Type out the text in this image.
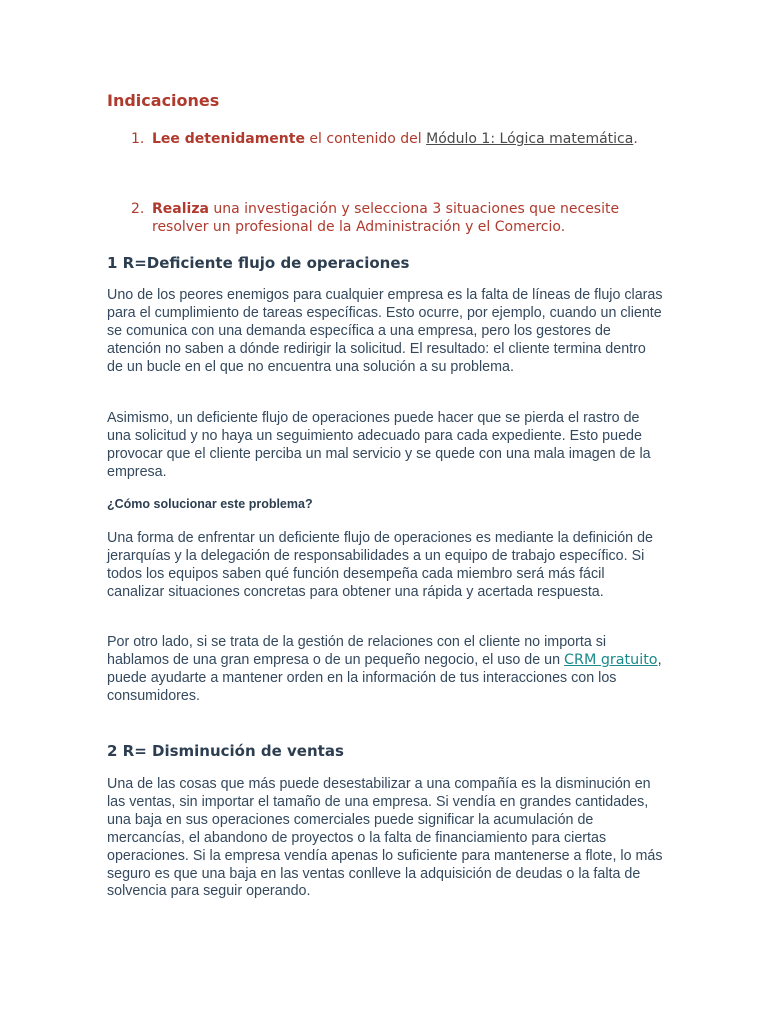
Indicaciones
1. Lee detenidamente el contenido del Módulo 1: Lógica matemática.
2. Realiza una investigación y selecciona 3 situaciones que necesite resolver un profesional de la Administración y el Comercio.
1 R=Deficiente flujo de operaciones

Uno de los peores enemigos para cualquier empresa es la falta de líneas de flujo claras para el cumplimiento de tareas específicas. Esto ocurre, por ejemplo, cuando un cliente se comunica con una demanda específica a una empresa, pero los gestores de atención no saben a dónde redirigir la solicitud. El resultado: el cliente termina dentro de un bucle en el que no encuentra una solución a su problema.

Asimismo, un deficiente flujo de operaciones puede hacer que se pierda el rastro de una solicitud y no haya un seguimiento adecuado para cada expediente. Esto puede provocar que el cliente perciba un mal servicio y se quede con una mala imagen de la empresa.

¿Cómo solucionar este problema?

Una forma de enfrentar un deficiente flujo de operaciones es mediante la definición de jerarquías y la delegación de responsabilidades a un equipo de trabajo específico. Si todos los equipos saben qué función desempeña cada miembro será más fácil canalizar situaciones concretas para obtener una rápida y acertada respuesta.

Por otro lado, si se trata de la gestión de relaciones con el cliente no importa si hablamos de una gran empresa o de un pequeño negocio, el uso de un CRM gratuito, puede ayudarte a mantener orden en la información de tus interacciones con los consumidores.

2 R= Disminución de ventas

Una de las cosas que más puede desestabilizar a una compañía es la disminución en las ventas, sin importar el tamaño de una empresa. Si vendía en grandes cantidades, una baja en sus operaciones comerciales puede significar la acumulación de mercancías, el abandono de proyectos o la falta de financiamiento para ciertas operaciones. Si la empresa vendía apenas lo suficiente para mantenerse a flote, lo más seguro es que una baja en las ventas conlleve la adquisición de deudas o la falta de solvencia para seguir operando.
